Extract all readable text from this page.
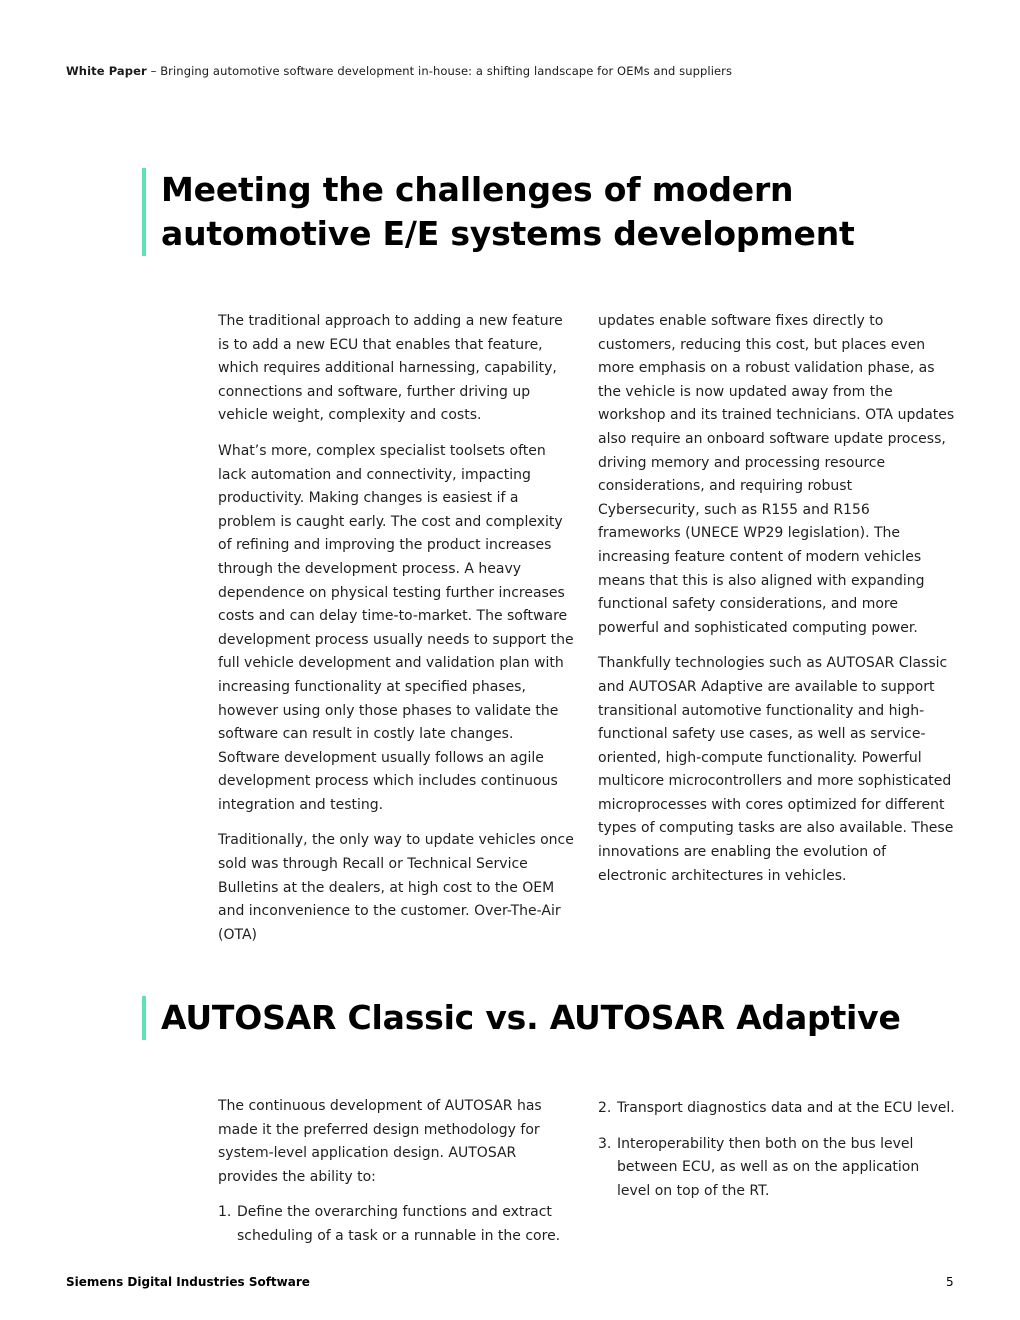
White Paper – Bringing automotive software development in-house: a shifting landscape for OEMs and suppliers
Meeting the challenges of modern automotive E/E systems development

The traditional approach to adding a new feature is to add a new ECU that enables that feature, which requires additional harnessing, capability, connections and software, further driving up vehicle weight, complexity and costs.

What’s more, complex specialist toolsets often lack automation and connectivity, impacting productivity. Making changes is easiest if a problem is caught early. The cost and complexity of refining and improving the product increases through the development process. A heavy dependence on physical testing further increases costs and can delay time-to-market. The software development process usually needs to support the full vehicle development and validation plan with increasing functionality at specified phases, however using only those phases to validate the software can result in costly late changes. Software development usually follows an agile development process which includes continuous integration and testing.

Traditionally, the only way to update vehicles once sold was through Recall or Technical Service Bulletins at the dealers, at high cost to the OEM and inconvenience to the customer. Over-The-Air (OTA)

updates enable software fixes directly to customers, reducing this cost, but places even more emphasis on a robust validation phase, as the vehicle is now updated away from the workshop and its trained technicians. OTA updates also require an onboard software update process, driving memory and processing resource considerations, and requiring robust Cybersecurity, such as R155 and R156 frameworks (UNECE WP29 legislation). The increasing feature content of modern vehicles means that this is also aligned with expanding functional safety considerations, and more powerful and sophisticated computing power.

Thankfully technologies such as AUTOSAR Classic and AUTOSAR Adaptive are available to support transitional automotive functionality and high-functional safety use cases, as well as service-oriented, high-compute functionality. Powerful multicore microcontrollers and more sophisticated microprocesses with cores optimized for different types of computing tasks are also available. These innovations are enabling the evolution of electronic architectures in vehicles.

AUTOSAR Classic vs. AUTOSAR Adaptive

The continuous development of AUTOSAR has made it the preferred design methodology for system-level application design. AUTOSAR provides the ability to:

1. Define the overarching functions and extract scheduling of a task or a runnable in the core.
2. Transport diagnostics data and at the ECU level.
3. Interoperability then both on the bus level between ECU, as well as on the application level on top of the RT.
Siemens Digital Industries Software	5
